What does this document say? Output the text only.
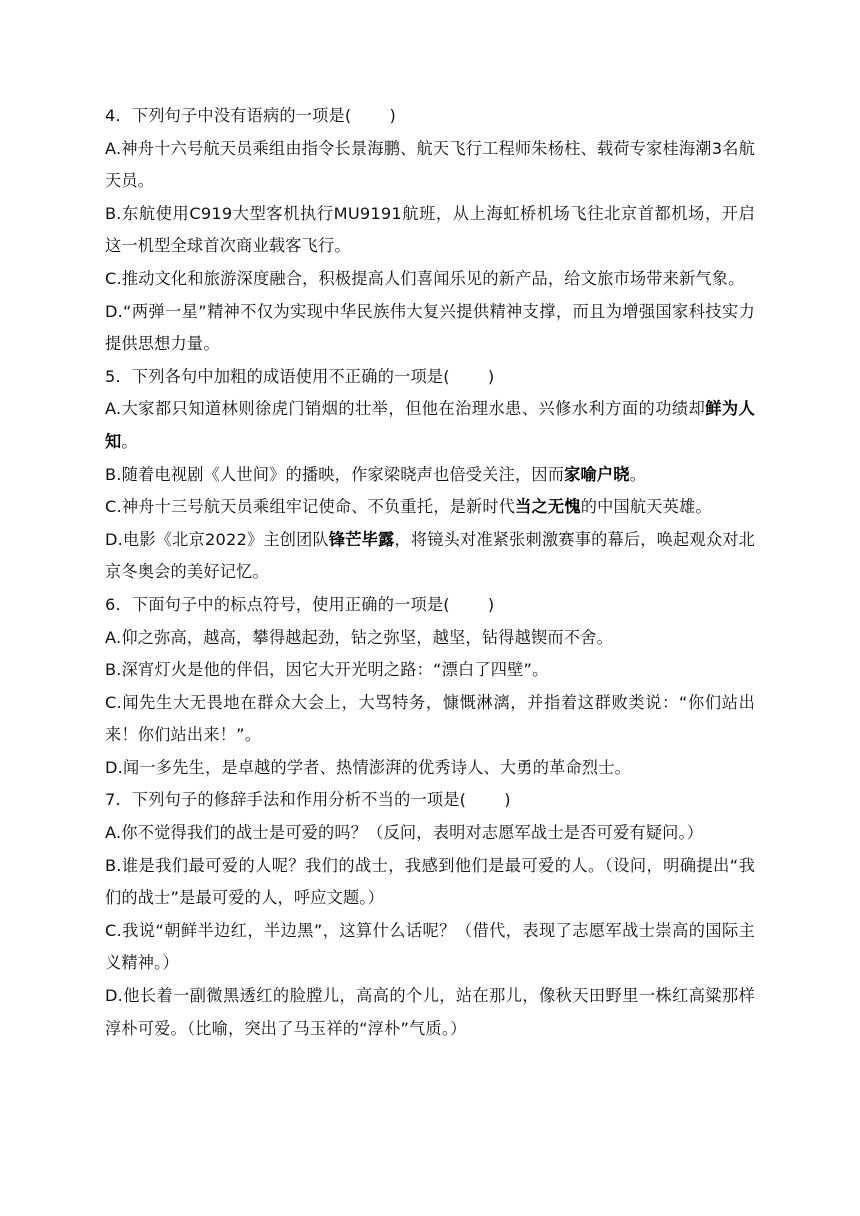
4．下列句子中没有语病的一项是(　 　)

A.神舟十六号航天员乘组由指令长景海鹏、航天飞行工程师朱杨柱、载荷专家桂海潮3名航天员。

B.东航使用C919大型客机执行MU9191航班，从上海虹桥机场飞往北京首都机场，开启这一机型全球首次商业载客飞行。

C.推动文化和旅游深度融合，积极提高人们喜闻乐见的新产品，给文旅市场带来新气象。

D.“两弹一星”精神不仅为实现中华民族伟大复兴提供精神支撑，而且为增强国家科技实力提供思想力量。

5．下列各句中加粗的成语使用不正确的一项是(　 　)

A.大家都只知道林则徐虎门销烟的壮举，但他在治理水患、兴修水利方面的功绩却鲜为人知。

B.随着电视剧《人世间》的播映，作家梁晓声也倍受关注，因而家喻户晓。

C.神舟十三号航天员乘组牢记使命、不负重托，是新时代当之无愧的中国航天英雄。

D.电影《北京2022》主创团队锋芒毕露，将镜头对准紧张刺激赛事的幕后，唤起观众对北京冬奥会的美好记忆。

6．下面句子中的标点符号，使用正确的一项是(　 　)

A.仰之弥高，越高，攀得越起劲，钻之弥坚，越坚，钻得越锲而不舍。

B.深宵灯火是他的伴侣，因它大开光明之路：“漂白了四壁”。

C.闻先生大无畏地在群众大会上，大骂特务，慷慨淋漓，并指着这群败类说：“你们站出来！你们站出来！”。

D.闻一多先生，是卓越的学者、热情澎湃的优秀诗人、大勇的革命烈士。

7．下列句子的修辞手法和作用分析不当的一项是(　 　)

A.你不觉得我们的战士是可爱的吗？（反问，表明对志愿军战士是否可爱有疑问。）

B.谁是我们最可爱的人呢？我们的战士，我感到他们是最可爱的人。（设问，明确提出“我们的战士”是最可爱的人，呼应文题。）

C.我说“朝鲜半边红，半边黑”，这算什么话呢？（借代，表现了志愿军战士崇高的国际主义精神。）

D.他长着一副微黑透红的脸膛儿，高高的个儿，站在那儿，像秋天田野里一株红高粱那样淳朴可爱。（比喻，突出了马玉祥的“淳朴”气质。）
